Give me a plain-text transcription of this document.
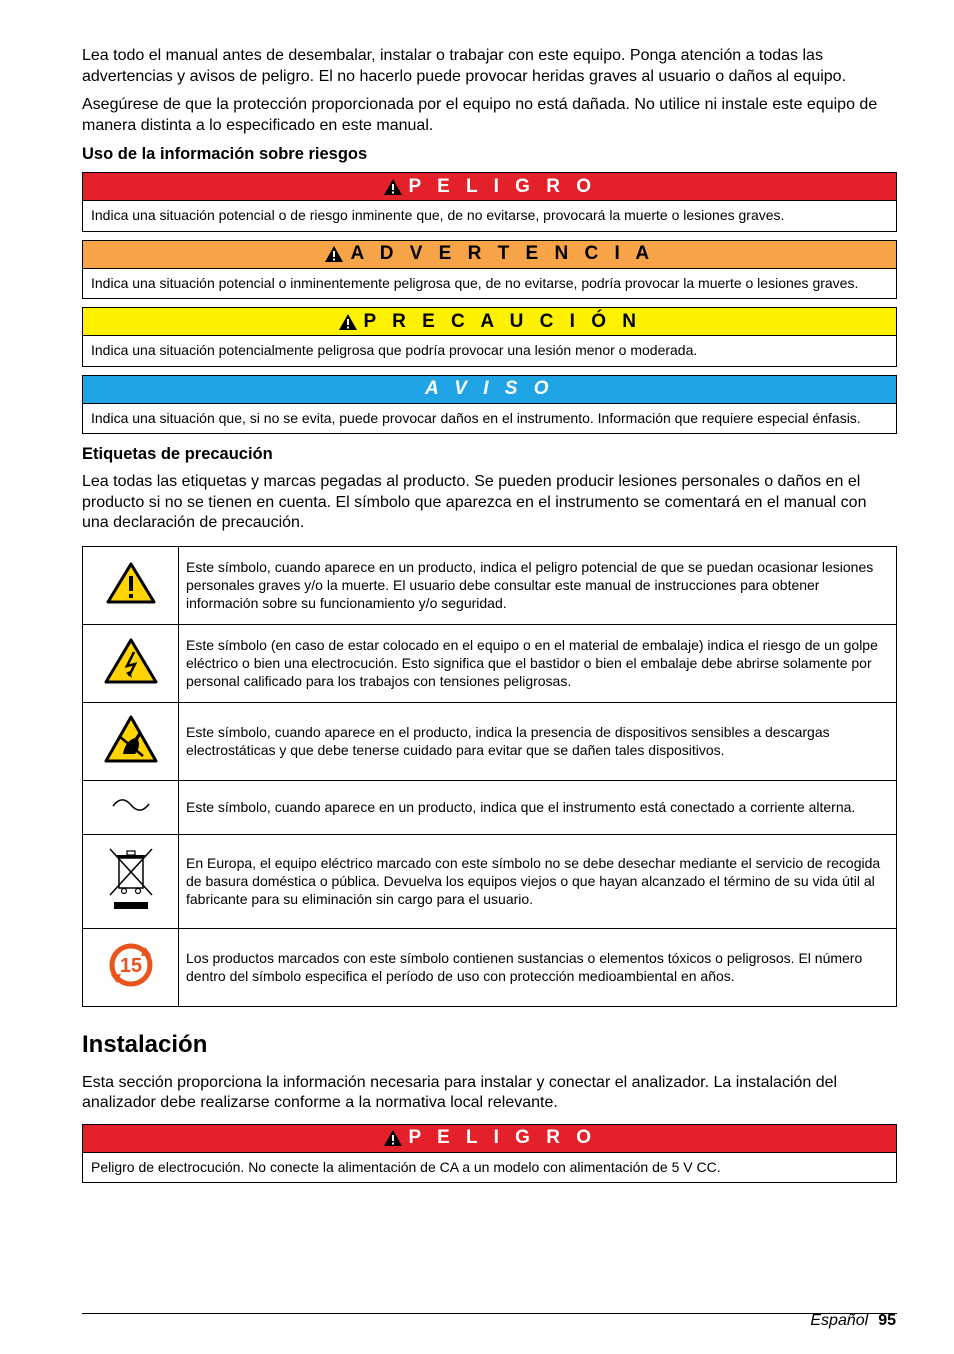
Lea todo el manual antes de desembalar, instalar o trabajar con este equipo. Ponga atención a todas las advertencias y avisos de peligro. El no hacerlo puede provocar heridas graves al usuario o daños al equipo.

Asegúrese de que la protección proporcionada por el equipo no está dañada. No utilice ni instale este equipo de manera distinta a lo especificado en este manual.

Uso de la información sobre riesgos
P E L I G R O
Indica una situación potencial o de riesgo inminente que, de no evitarse, provocará la muerte o lesiones graves.
A D V E R T E N C I A
Indica una situación potencial o inminentemente peligrosa que, de no evitarse, podría provocar la muerte o lesiones graves.
P R E C A U C I Ó N
Indica una situación potencialmente peligrosa que podría provocar una lesión menor o moderada.
A V I S O
Indica una situación que, si no se evita, puede provocar daños en el instrumento. Información que requiere especial énfasis.
Etiquetas de precaución

Lea todas las etiquetas y marcas pegadas al producto. Se pueden producir lesiones personales o daños en el producto si no se tienen en cuenta. El símbolo que aparezca en el instrumento se comentará en el manual con una declaración de precaución.

	Este símbolo, cuando aparece en un producto, indica el peligro potencial de que se puedan ocasionar lesiones personales graves y/o la muerte. El usuario debe consultar este manual de instrucciones para obtener información sobre su funcionamiento y/o seguridad.
	Este símbolo (en caso de estar colocado en el equipo o en el material de embalaje) indica el riesgo de un golpe eléctrico o bien una electrocución. Esto significa que el bastidor o bien el embalaje debe abrirse solamente por personal calificado para los trabajos con tensiones peligrosas.
	Este símbolo, cuando aparece en el producto, indica la presencia de dispositivos sensibles a descargas electrostáticas y que debe tenerse cuidado para evitar que se dañen tales dispositivos.
	Este símbolo, cuando aparece en un producto, indica que el instrumento está conectado a corriente alterna.
	En Europa, el equipo eléctrico marcado con este símbolo no se debe desechar mediante el servicio de recogida de basura doméstica o pública. Devuelva los equipos viejos o que hayan alcanzado el término de su vida útil al fabricante para su eliminación sin cargo para el usuario.

15	Los productos marcados con este símbolo contienen sustancias o elementos tóxicos o peligrosos. El número dentro del símbolo especifica el período de uso con protección medioambiental en años.
Instalación

Esta sección proporciona la información necesaria para instalar y conectar el analizador. La instalación del analizador debe realizarse conforme a la normativa local relevante.

P E L I G R O
Peligro de electrocución. No conecte la alimentación de CA a un modelo con alimentación de 5 V CC.
Español 95
